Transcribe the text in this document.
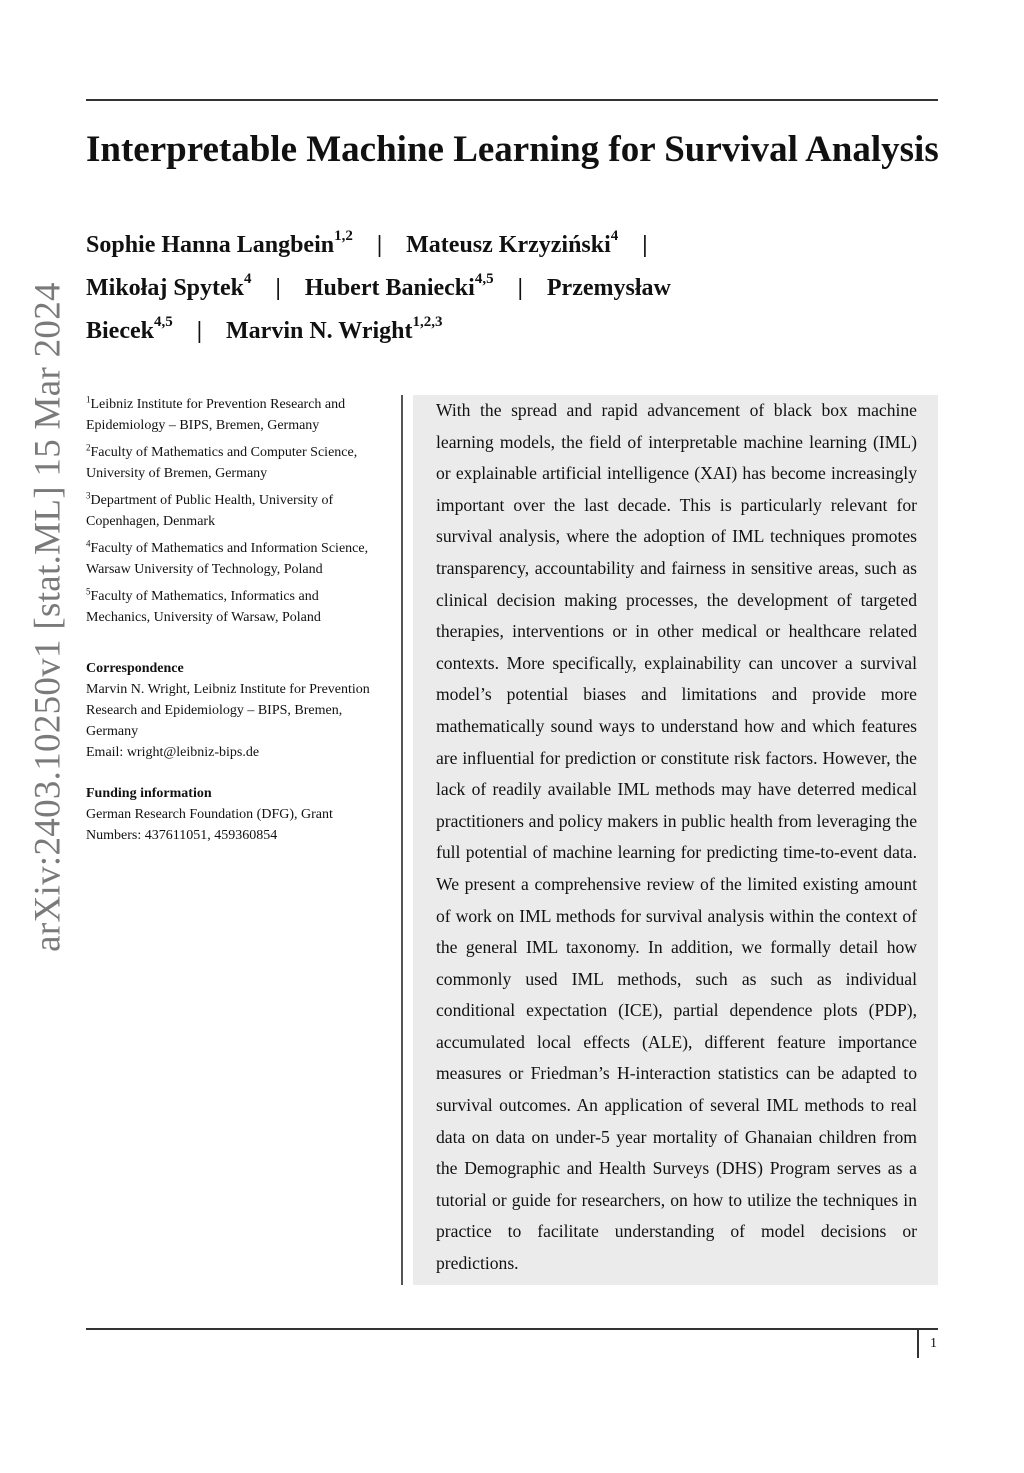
arXiv:2403.10250v1 [stat.ML] 15 Mar 2024
Interpretable Machine Learning for Survival Analysis
Sophie Hanna Langbein$^{1,2}$ | Mateusz Krzyziński$^4$ |
Mikołaj Spytek$^4$ | Hubert Baniecki$^{4,5}$ | Przemysław
Biecek$^{4,5}$ | Marvin N. Wright$^{1,2,3}$
$^1$Leibniz Institute for Prevention Research and Epidemiology – BIPS, Bremen, Germany
$^2$Faculty of Mathematics and Computer Science, University of Bremen, Germany
$^3$Department of Public Health, University of Copenhagen, Denmark
$^4$Faculty of Mathematics and Information Science, Warsaw University of Technology, Poland
$^5$Faculty of Mathematics, Informatics and Mechanics, University of Warsaw, Poland
Correspondence
Marvin N. Wright, Leibniz Institute for Prevention Research and Epidemiology – BIPS, Bremen, Germany
Email: wright@leibniz-bips.de
Funding information
German Research Foundation (DFG), Grant Numbers: 437611051, 459360854

With the spread and rapid advancement of black box machine learning models, the field of interpretable machine learning (IML) or explainable artificial intelligence (XAI) has become increasingly important over the last decade. This is particularly relevant for survival analysis, where the adoption of IML techniques promotes transparency, accountability and fairness in sensitive areas, such as clinical decision making processes, the development of targeted therapies, interventions or in other medical or healthcare related contexts. More specifically, explainability can uncover a survival model’s potential biases and limitations and provide more mathematically sound ways to understand how and which features are influential for prediction or constitute risk factors. However, the lack of readily available IML methods may have deterred medical practitioners and policy makers in public health from leveraging the full potential of machine learning for predicting time-to-event data. We present a comprehensive review of the limited existing amount of work on IML methods for survival analysis within the context of the general IML taxonomy. In addition, we formally detail how commonly used IML methods, such as such as individual conditional expectation (ICE), partial dependence plots (PDP), accumulated local effects (ALE), different feature importance measures or Friedman’s H-interaction statistics can be adapted to survival outcomes. An application of several IML methods to real data on data on under-5 year mortality of Ghanaian children from the Demographic and Health Surveys (DHS) Program serves as a tutorial or guide for researchers, on how to utilize the techniques in practice to facilitate understanding of model decisions or predictions.

1
